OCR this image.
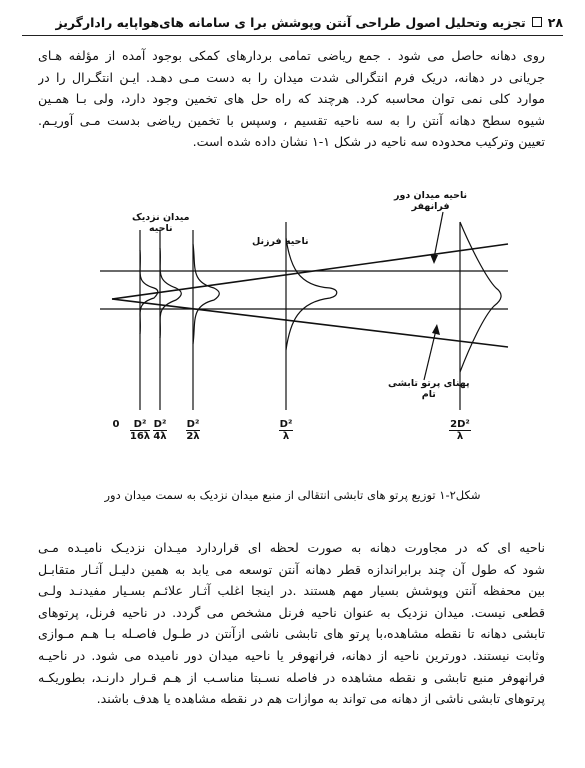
۲۸
تجزیه وتحلیل اصول طراحی آنتن وپوشش برا ی سامانه های‌هواپایه رادارگریز
روی دهانه حاصل می شود . جمع ریاضی تمامی بردارهای کمکی بوجود آمده از مؤلفه هـای
جریانی در دهانه، دریک فرم انتگرالی شدت میدان را به دست مـی دهـد. ایـن انتگـرال را در
موارد کلی نمی توان محاسبه کرد. هرچند که راه حل های تخمین وجود دارد، ولی بـا همـین
شیوه سطح دهانه آنتن را به سه ناحیه تقسیم ، وسپس با تخمین ریاضی بدست مـی آوریـم.
تعیین وترکیب محدوده سه ناحیه در شکل ۱-۱ نشان داده شده است.
میدان نزدیک
ناحیه
ناحیه فرزنل
ناحیه میدان دور
فرانهفر
پهنای پرتو تابشی
تام
0	$\frac{\text{D²}}{16\lambda} \frac{\text{D²}}{4\lambda} \frac{\text{D²}}{2\lambda}$	$\frac{\text{D²}}{\lambda}$	$\frac{\text{2D²}}{\lambda}$
شکل۲-۱ توزیع پرتو های تابشی انتقالی از منبع میدان نزدیک به سمت میدان دور
ناحیه ای که در مجاورت دهانه به صورت لحظه ای قراردارد میـدان نزدیـک نامیـده مـی
شود که طول آن چند برابراندازه قطر دهانه آنتن توسعه می یابد به همین دلیـل آثـار متقابـل
بین محفظه آنتن وپوشش بسیار مهم هستند .در اینجا اغلب آثـار علائـم بسـیار مفیدنـد ولـی
قطعی نیست. میدان نزدیک به عنوان ناحیه فرنل مشخص می گردد. در ناحیه فرنل، پرتوهای
تابشی دهانه تا نقطه مشاهده،با پرتو های تابشی ناشی ازآنتن در طـول فاصـله بـا هـم مـوازی
وثابت نیستند. دورترین ناحیه از دهانه، فرانهوفر یا ناحیه میدان دور نامیده می شود. در ناحیـه
فرانهوفر منبع تابشی و نقطه مشاهده در فاصله نسـبتا مناسـب از هـم قـرار دارنـد، بطوریکـه
پرتوهای تابشی ناشی از دهانه می تواند به موازات هم در نقطه مشاهده یا هدف باشند.
